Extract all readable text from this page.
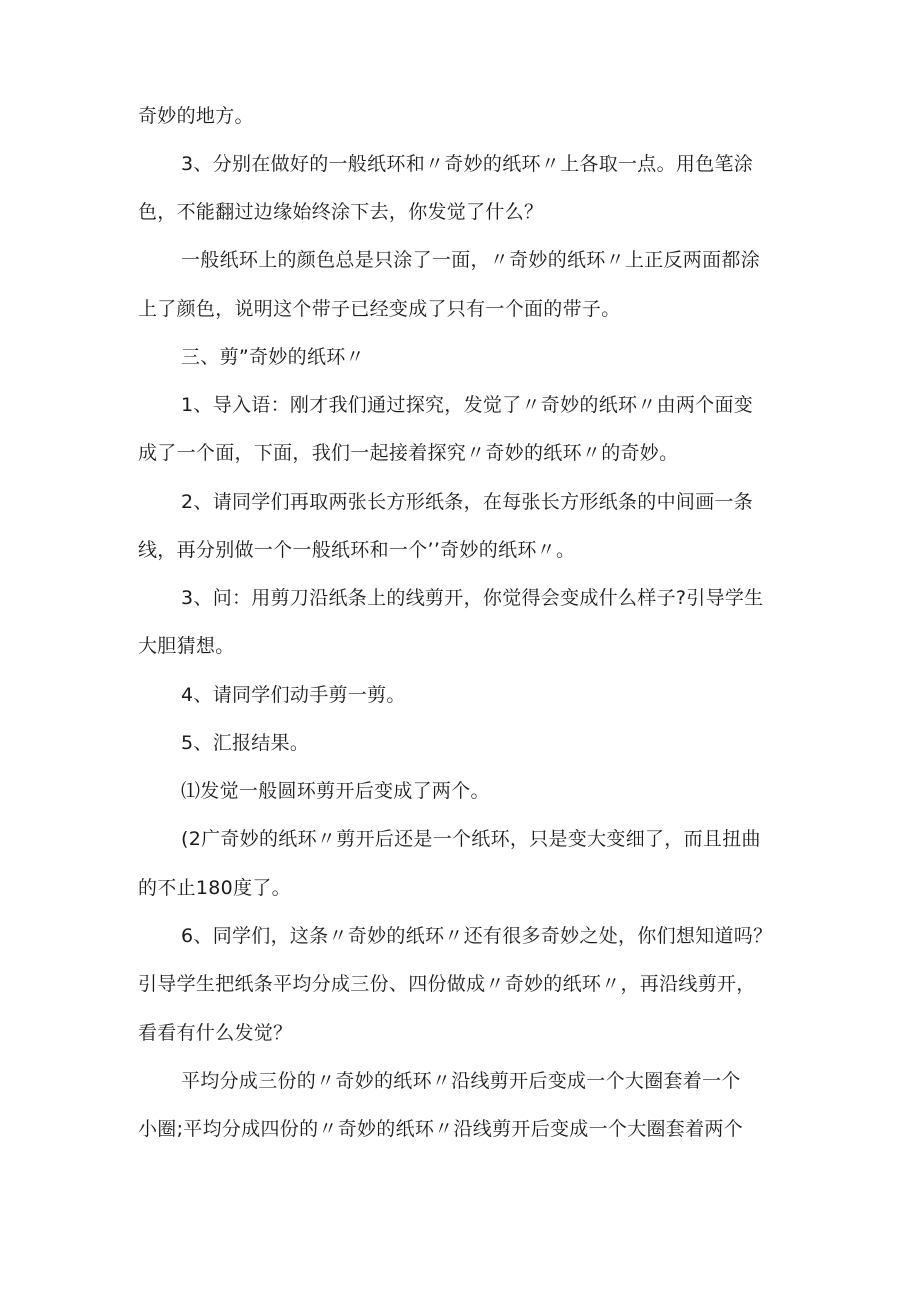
奇妙的地方。
3、分别在做好的一般纸环和〃奇妙的纸环〃上各取一点。用色笔涂
色，不能翻过边缘始终涂下去，你发觉了什么？
一般纸环上的颜色总是只涂了一面，〃奇妙的纸环〃上正反两面都涂
上了颜色，说明这个带子已经变成了只有一个面的带子。
三、剪”奇妙的纸环〃
1、导入语：刚才我们通过探究，发觉了〃奇妙的纸环〃由两个面变
成了一个面，下面，我们一起接着探究〃奇妙的纸环〃的奇妙。
2、请同学们再取两张长方形纸条，在每张长方形纸条的中间画一条
线，再分别做一个一般纸环和一个’’奇妙的纸环〃。
3、问：用剪刀沿纸条上的线剪开，你觉得会变成什么样子?引导学生
大胆猜想。
4、请同学们动手剪一剪。
5、汇报结果。
⑴发觉一般圆环剪开后变成了两个。
(2广奇妙的纸环〃剪开后还是一个纸环，只是变大变细了，而且扭曲
的不止180度了。
6、同学们，这条〃奇妙的纸环〃还有很多奇妙之处，你们想知道吗？
引导学生把纸条平均分成三份、四份做成〃奇妙的纸环〃，再沿线剪开，
看看有什么发觉？
平均分成三份的〃奇妙的纸环〃沿线剪开后变成一个大圈套着一个
小圈;平均分成四份的〃奇妙的纸环〃沿线剪开后变成一个大圈套着两个
